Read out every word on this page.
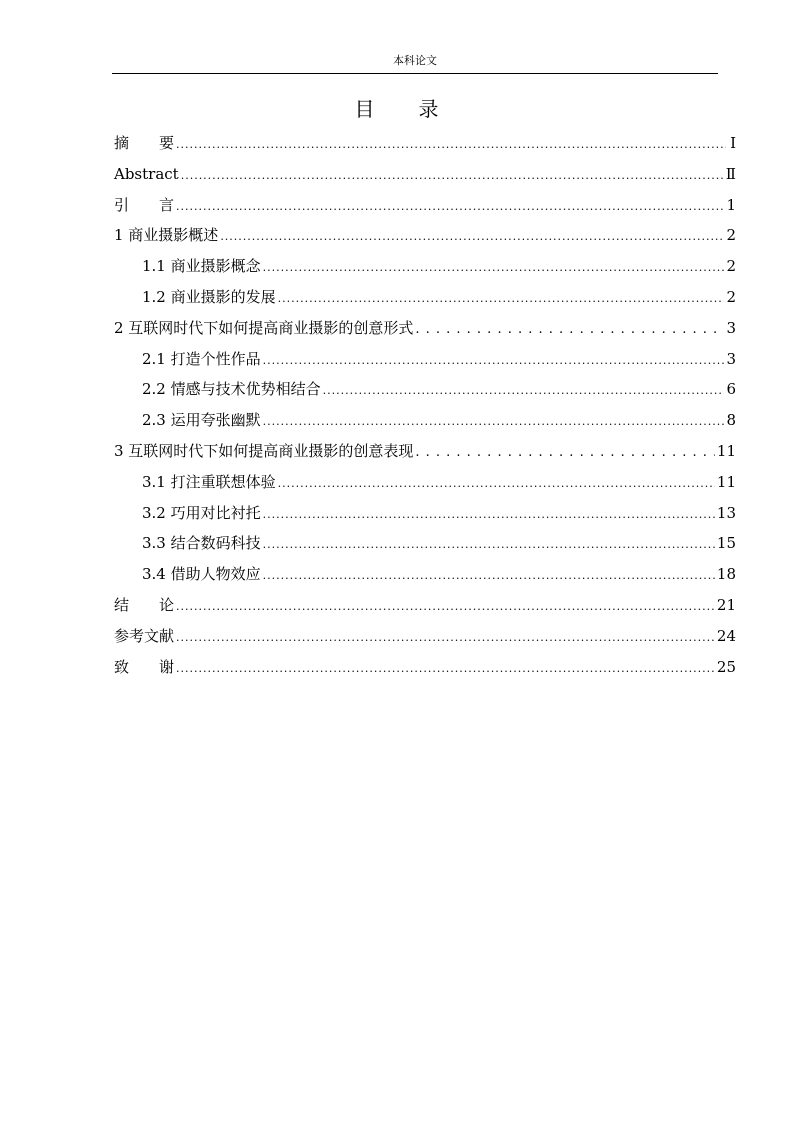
本科论文
目 录
摘　　要 .....	Ⅰ
Abstract .....	Ⅱ
引　　言 .....	1
1 商业摄影概述 .....	2
1.1 商业摄影概念 .....	2
1.2 商业摄影的发展 .....	2
2 互联网时代下如何提高商业摄影的创意形式 . . .	3
2.1 打造个性作品 .....	3
2.2 情感与技术优势相结合 .....	6
2.3 运用夸张幽默 .....	8
3 互联网时代下如何提高商业摄影的创意表现 . . .	11
3.1 打注重联想体验 .....	11
3.2 巧用对比衬托 .....	13
3.3 结合数码科技 .....	15
3.4 借助人物效应 .....	18
结　　论 .....	21
参考文献 .....	24
致　　谢 .....	25
